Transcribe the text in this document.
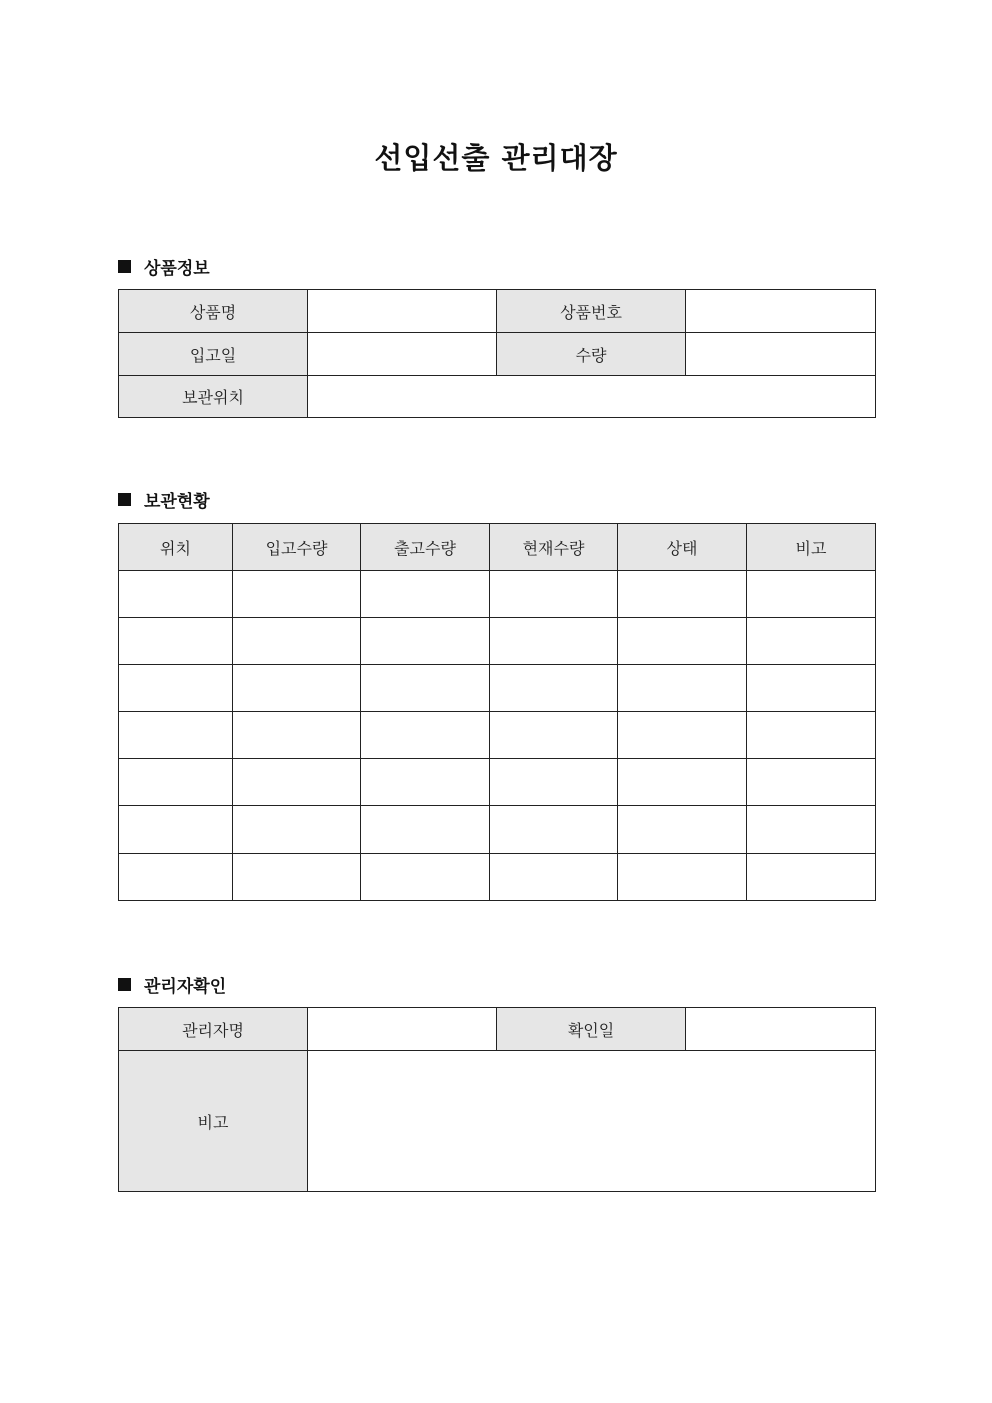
선입선출 관리대장
상품정보
상품명		상품번호	
입고일		수량	
보관위치			
보관현황
위치	입고수량	출고수량	현재수량	상태	비고

관리자확인
관리자명		확인일	
비고			
